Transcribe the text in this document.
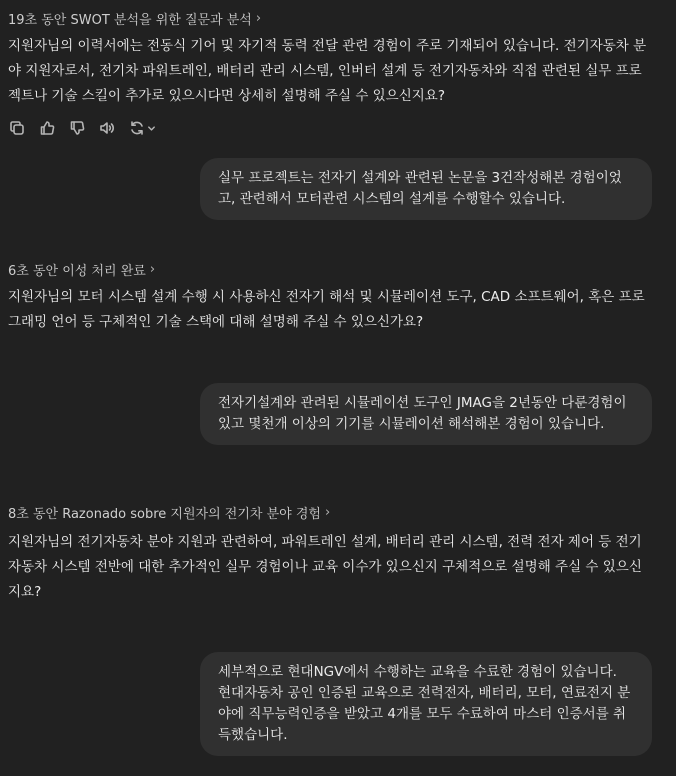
19초 동안 SWOT 분석을 위한 질문과 분석 ›
지원자님의 이력서에는 전동식 기어 및 자기적 동력 전달 관련 경험이 주로 기재되어 있습니다. 전기자동차 분야 지원자로서, 전기차 파워트레인, 배터리 관리 시스템, 인버터 설계 등 전기자동차와 직접 관련된 실무 프로젝트나 기술 스킬이 추가로 있으시다면 상세히 설명해 주실 수 있으신지요?
실무 프로젝트는 전자기 설계와 관련된 논문을 3건작성해본 경험이었고, 관련해서 모터관련 시스템의 설계를 수행할수 있습니다.
6초 동안 이성 처리 완료 ›
지원자님의 모터 시스템 설계 수행 시 사용하신 전자기 해석 및 시뮬레이션 도구, CAD 소프트웨어, 혹은 프로그래밍 언어 등 구체적인 기술 스택에 대해 설명해 주실 수 있으신가요?
전자기설계와 관려된 시뮬레이션 도구인 JMAG을 2년동안 다룬경험이있고 몇천개 이상의 기기를 시뮬레이션 해석해본 경험이 있습니다.
8초 동안 Razonado sobre 지원자의 전기차 분야 경험 ›
지원자님의 전기자동차 분야 지원과 관련하여, 파워트레인 설계, 배터리 관리 시스템, 전력 전자 제어 등 전기자동차 시스템 전반에 대한 추가적인 실무 경험이나 교육 이수가 있으신지 구체적으로 설명해 주실 수 있으신지요?
세부적으로 현대NGV에서 수행하는 교육을 수료한 경험이 있습니다. 현대자동차 공인 인증된 교육으로 전력전자, 배터리, 모터, 연료전지 분야에 직무능력인증을 받았고 4개를 모두 수료하여 마스터 인증서를 취득했습니다.
